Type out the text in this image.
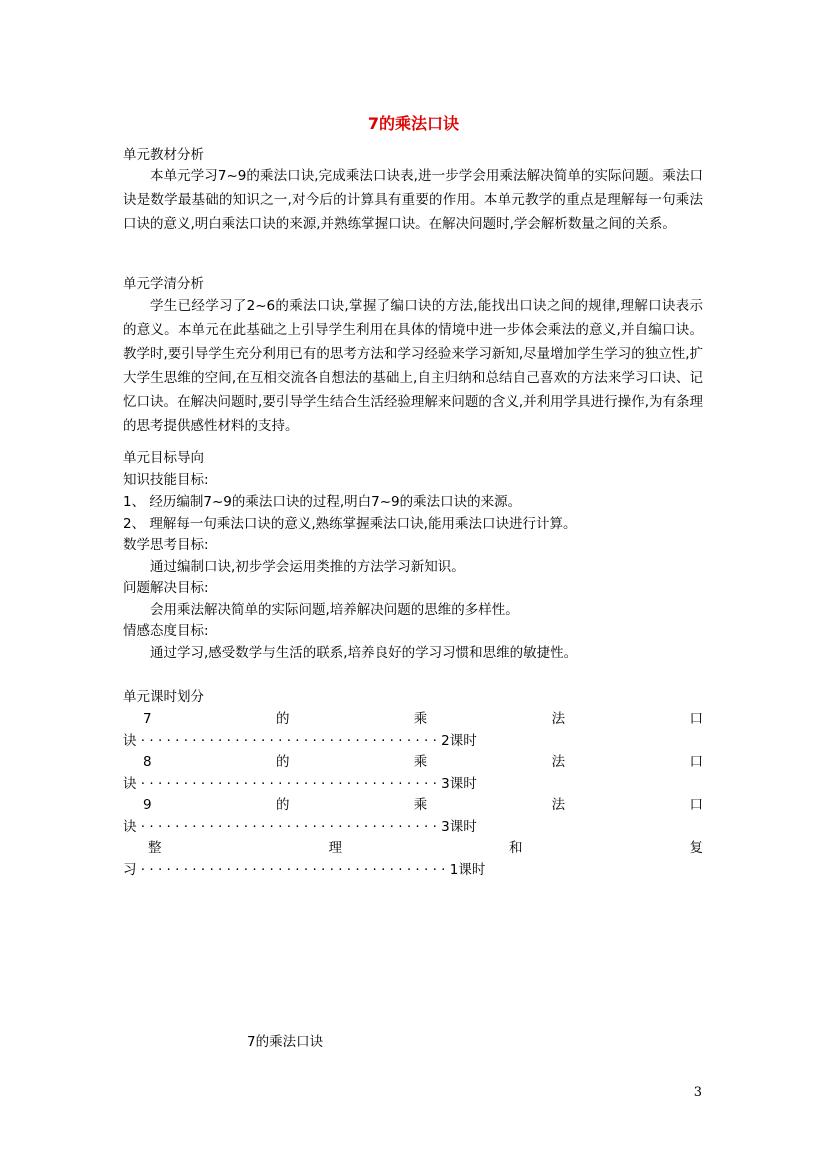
7的乘法口诀
单元教材分析
本单元学习7~9的乘法口诀,完成乘法口诀表,进一步学会用乘法解决简单的实际问题。乘法口诀是数学最基础的知识之一,对今后的计算具有重要的作用。本单元教学的重点是理解每一句乘法口诀的意义,明白乘法口诀的来源,并熟练掌握口诀。在解决问题时,学会解析数量之间的关系。
单元学清分析
学生已经学习了2~6的乘法口诀,掌握了编口诀的方法,能找出口诀之间的规律,理解口诀表示的意义。本单元在此基础之上引导学生利用在具体的情境中进一步体会乘法的意义,并自编口诀。教学时,要引导学生充分利用已有的思考方法和学习经验来学习新知,尽量增加学生学习的独立性,扩大学生思维的空间,在互相交流各自想法的基础上,自主归纳和总结自己喜欢的方法来学习口诀、记忆口诀。在解决问题时,要引导学生结合生活经验理解来问题的含义,并利用学具进行操作,为有条理的思考提供感性材料的支持。
单元目标导向
知识技能目标:
1、 经历编制7~9的乘法口诀的过程,明白7~9的乘法口诀的来源。
2、 理解每一句乘法口诀的意义,熟练掌握乘法口诀,能用乘法口诀进行计算。
数学思考目标:
通过编制口诀,初步学会运用类推的方法学习新知识。
问题解决目标:
会用乘法解决简单的实际问题,培养解决问题的思维的多样性。
情感态度目标:
通过学习,感受数学与生活的联系,培养良好的学习习惯和思维的敏捷性。
单元课时划分
7	的	乘	法	口
诀 · · · · · · · · · · · · · · · · · · · · · · · · · · · · · · · · · · · 2课时
8	的	乘	法	口
诀 · · · · · · · · · · · · · · · · · · · · · · · · · · · · · · · · · · · 3课时
9	的	乘	法	口
诀 · · · · · · · · · · · · · · · · · · · · · · · · · · · · · · · · · · · 3课时
整	理	和	复
习 · · · · · · · · · · · · · · · · · · · · · · · · · · · · · · · · · · · · 1课时
7的乘法口诀
3
